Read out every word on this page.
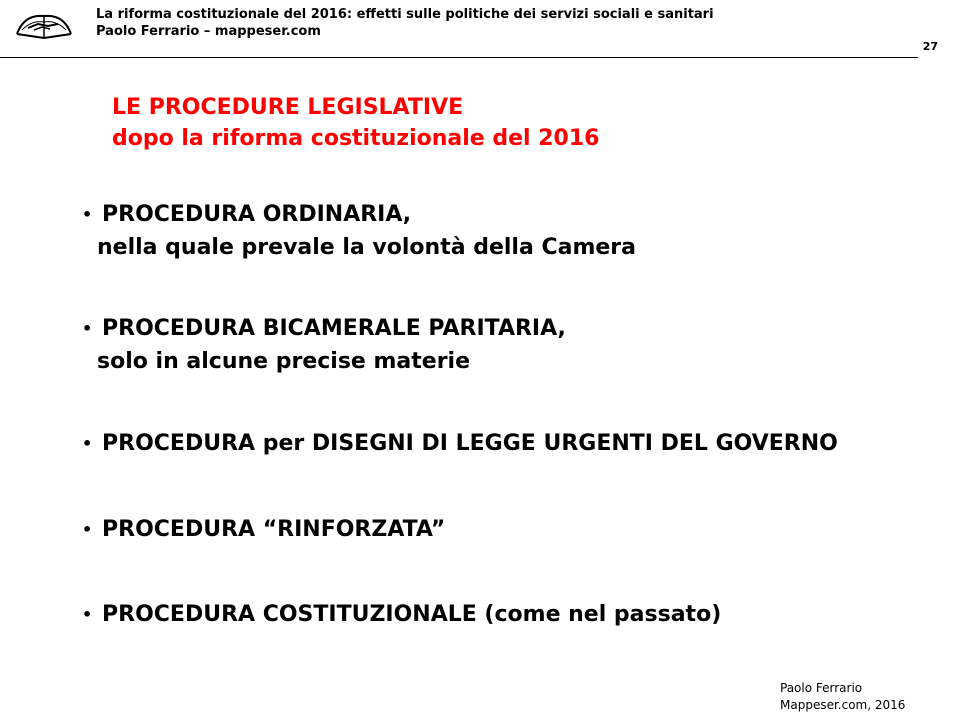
La riforma costituzionale del 2016: effetti sulle politiche dei servizi sociali e sanitari
Paolo Ferrario – mappeser.com
27
LE PROCEDURE LEGISLATIVE
dopo la riforma costituzionale del 2016
• PROCEDURA ORDINARIA,
nella quale prevale la volontà della Camera
• PROCEDURA BICAMERALE PARITARIA,
solo in alcune precise materie
• PROCEDURA per DISEGNI DI LEGGE URGENTI DEL GOVERNO
• PROCEDURA “RINFORZATA”
• PROCEDURA COSTITUZIONALE (come nel passato)
Paolo Ferrario
Mappeser.com, 2016
